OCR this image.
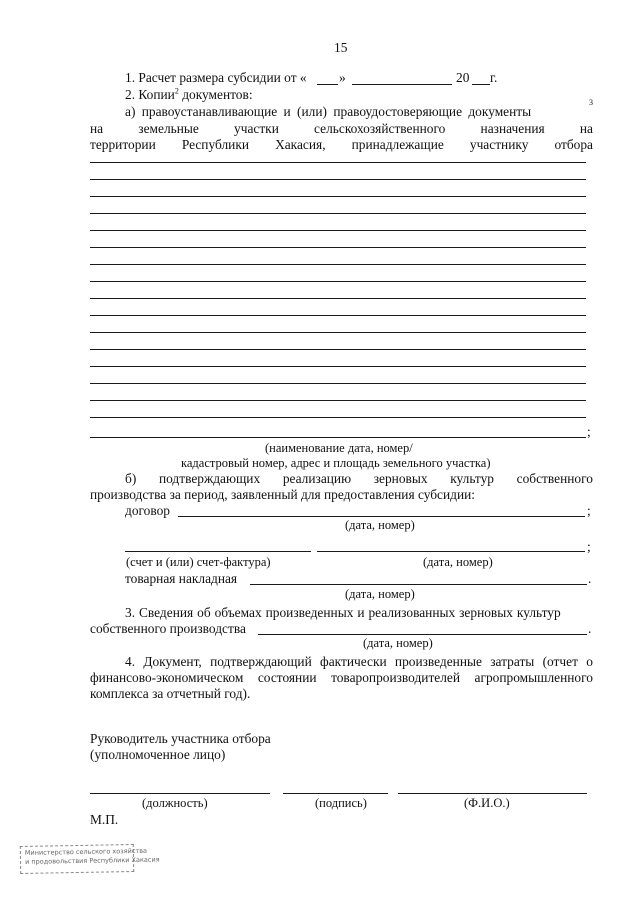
15
1. Расчет размера субсидии от « »	20 г.
2. Копии$^2$ документов:
а) правоустанавливающие и (или) правоудостоверяющие документы
3
на	земельные	участки	сельскохозяйственного	назначения	на
территории Республики Хакасия, принадлежащие участнику отбора
;
(наименование дата, номер/
кадастровый номер, адрес и площадь земельного участка)
б) подтверждающих реализацию зерновых культур собственного
производства за период, заявленный для предоставления субсидии:
договор	;
(дата, номер)
;
(счет и (или) счет-фактура)	(дата, номер)
товарная накладная	.
(дата, номер)
3. Сведения об объемах произведенных и реализованных зерновых культур
собственного производства	.
(дата, номер)
4. Документ, подтверждающий фактически произведенные затраты (отчет о
финансово-экономическом состоянии товаропроизводителей агропромышленного
комплекса за отчетный год).
Руководитель участника отбора
(уполномоченное лицо)
(должность)	(подпись)	(Ф.И.О.)
М.П.
Министерство сельского хозяйства
и продовольствия Республики Хакасия
